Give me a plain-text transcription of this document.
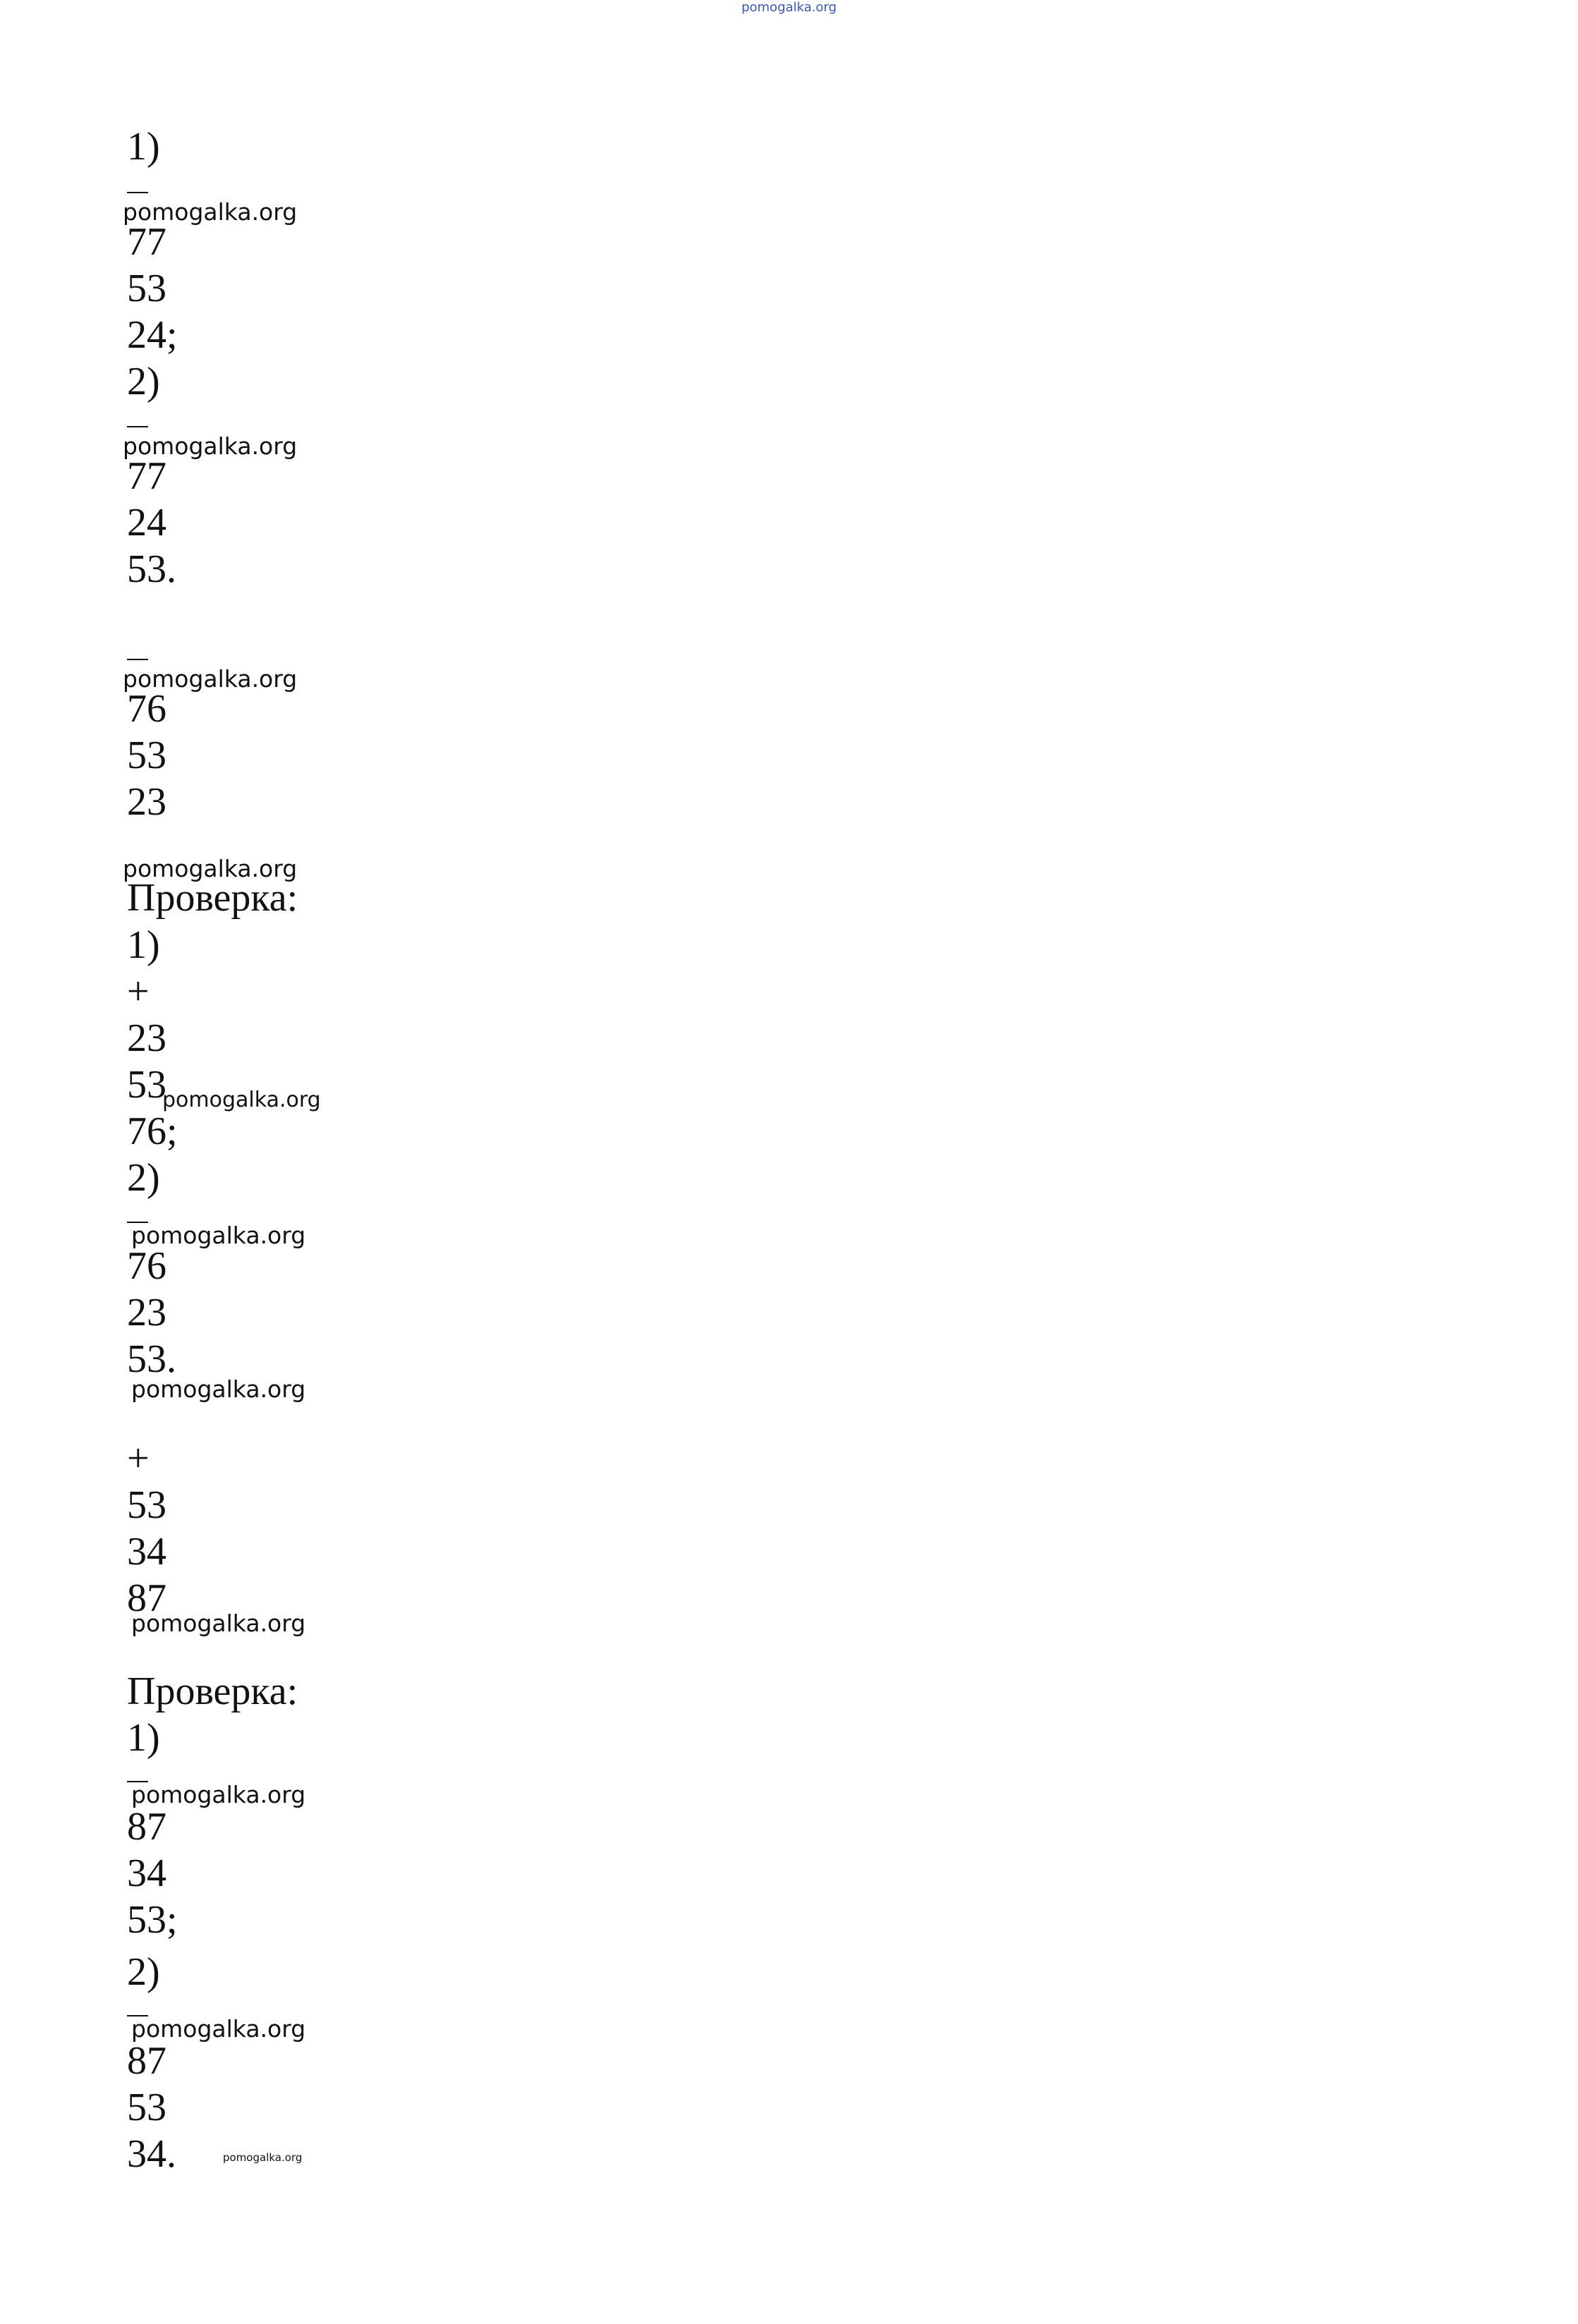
pomogalka.org
1)
pomogalka.org
77
53
24;
2)
pomogalka.org
77
24
53.
pomogalka.org
76
53
23
pomogalka.org
Проверка:
1)
+
23
53
pomogalka.org
76;
2)
pomogalka.org
76
23
53.
pomogalka.org
+
53
34
87
pomogalka.org
Проверка:
1)
pomogalka.org
87
34
53;
2)
pomogalka.org
87
53
34.	pomogalka.org
